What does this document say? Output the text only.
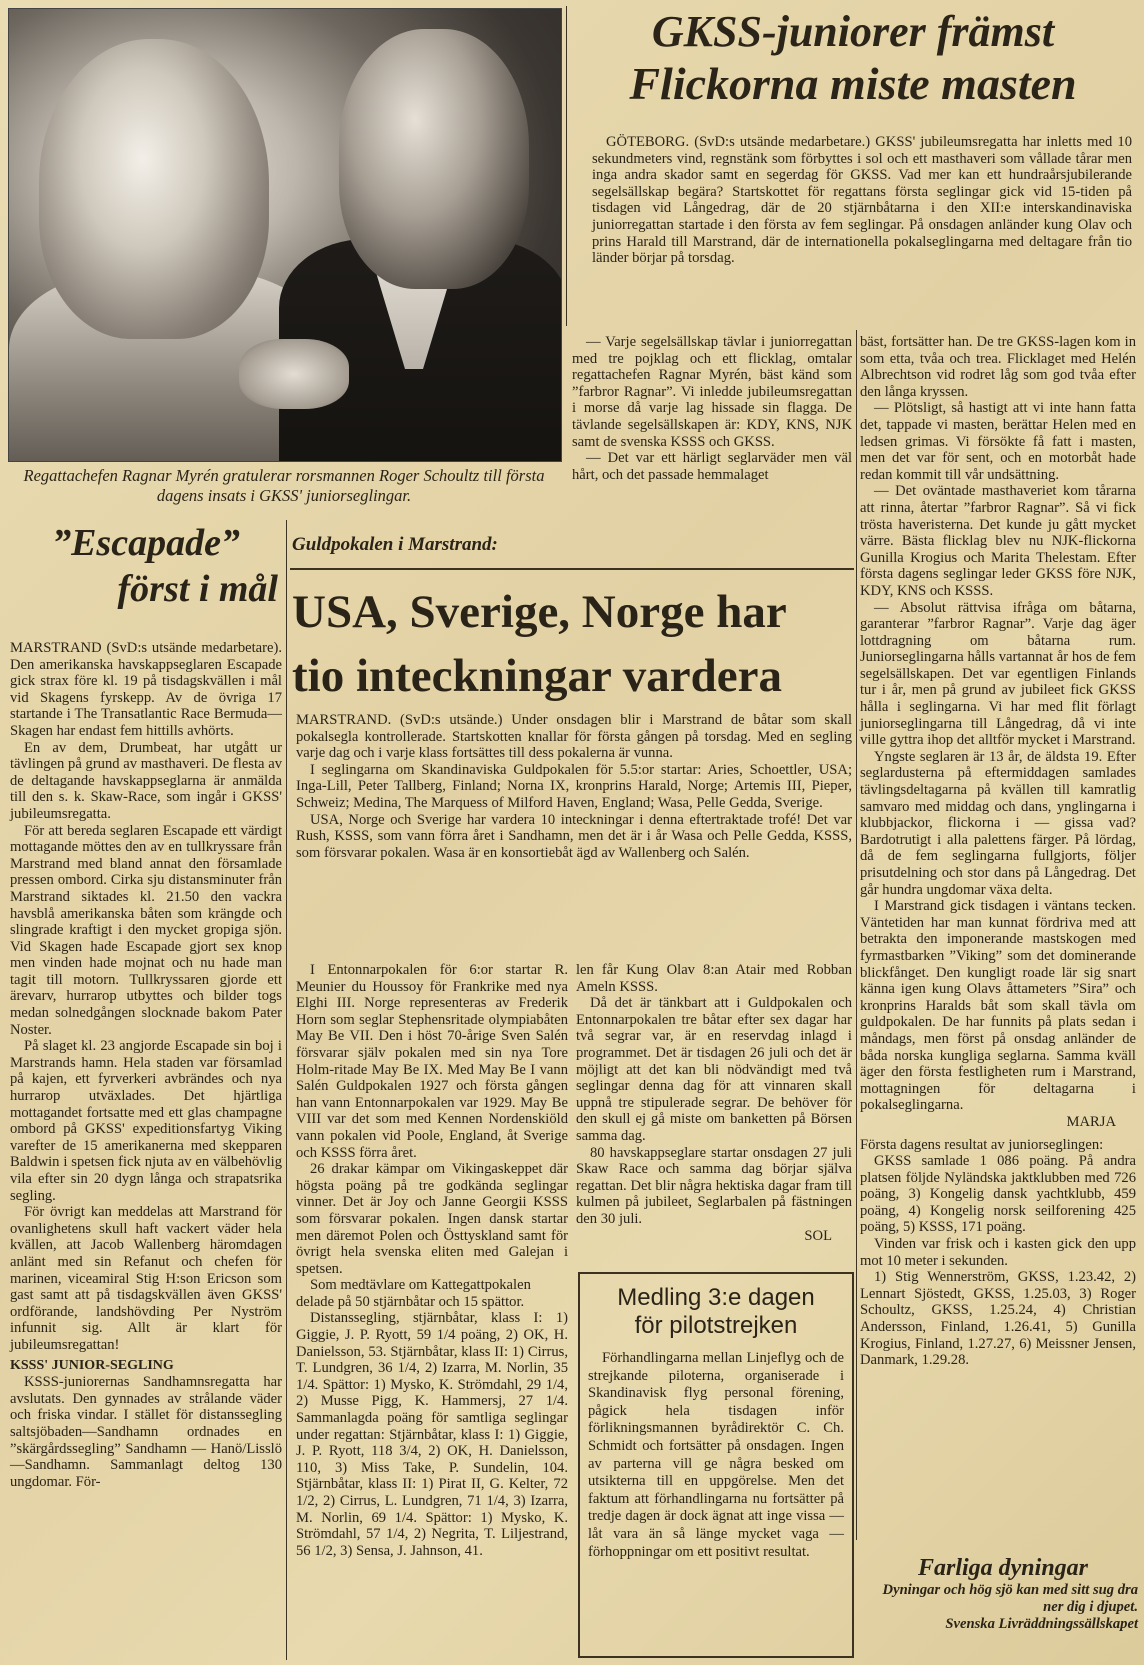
Regattachefen Ragnar Myrén gratulerar rorsmannen Roger Schoultz till första dagens insats i GKSS' juniorseglingar.
GKSS-juniorer främst
Flickorna miste masten

GÖTEBORG. (SvD:s utsände medarbetare.) GKSS' jubileumsregatta har inletts med 10 sekundmeters vind, regnstänk som förbyttes i sol och ett masthaveri som vållade tårar men inga andra skador samt en segerdag för GKSS. Vad mer kan ett hundraårsjubilerande segelsällskap begära? Startskottet för regattans första seglingar gick vid 15-tiden på tisdagen vid Långedrag, där de 20 stjärnbåtarna i den XII:e interskandinaviska juniorregattan startade i den första av fem seglingar. På onsdagen anländer kung Olav och prins Harald till Marstrand, där de internationella pokalseglingarna med deltagare från tio länder börjar på torsdag.

— Varje segelsällskap tävlar i juniorregattan med tre pojklag och ett flicklag, omtalar regattachefen Ragnar Myrén, bäst känd som ”farbror Ragnar”. Vi inledde jubileumsregattan i morse då varje lag hissade sin flagga. De tävlande segelsällskapen är: KDY, KNS, NJK samt de svenska KSSS och GKSS.

— Det var ett härligt seglarväder men väl hårt, och det passade hemmalaget

bäst, fortsätter han. De tre GKSS-lagen kom in som etta, tvåa och trea. Flicklaget med Helén Albrechtson vid rodret låg som god tvåa efter den långa kryssen.

— Plötsligt, så hastigt att vi inte hann fatta det, tappade vi masten, berättar Helen med en ledsen grimas. Vi försökte få fatt i masten, men det var för sent, och en motorbåt hade redan kommit till vår undsättning.

— Det oväntade masthaveriet kom tårarna att rinna, återtar ”farbror Ragnar”. Så vi fick trösta haveristerna. Det kunde ju gått mycket värre. Bästa flicklag blev nu NJK-flickorna Gunilla Krogius och Marita Thelestam. Efter första dagens seglingar leder GKSS före NJK, KDY, KNS och KSSS.

— Absolut rättvisa ifråga om båtarna, garanterar ”farbror Ragnar”. Varje dag äger lottdragning om båtarna rum. Juniorseglingarna hålls vartannat år hos de fem segelsällskapen. Det var egentligen Finlands tur i år, men på grund av jubileet fick GKSS hålla i seglingarna. Vi har med flit förlagt juniorseglingarna till Långedrag, då vi inte ville gyttra ihop det alltför mycket i Marstrand.

Yngste seglaren är 13 år, de äldsta 19. Efter seglardusterna på eftermiddagen samlades tävlingsdeltagarna på kvällen till kamratlig samvaro med middag och dans, ynglingarna i klubbjackor, flickorna i — gissa vad? Bardotrutigt i alla palettens färger. På lördag, då de fem seglingarna fullgjorts, följer prisutdelning och stor dans på Långedrag. Det går hundra ungdomar växa delta.

I Marstrand gick tisdagen i väntans tecken. Väntetiden har man kunnat fördriva med att betrakta den imponerande mastskogen med fyrmastbarken ”Viking” som det dominerande blickfånget. Den kungligt roade lär sig snart känna igen kung Olavs åttameters ”Sira” och kronprins Haralds båt som skall tävla om guldpokalen. De har funnits på plats sedan i måndags, men först på onsdag anländer de båda norska kungliga seglarna. Samma kväll äger den första festligheten rum i Marstrand, mottagningen för deltagarna i pokalseglingarna.

MARJA

Första dagens resultat av juniorseglingen:

GKSS samlade 1 086 poäng. På andra platsen följde Nyländska jaktklubben med 726 poäng, 3) Kongelig dansk yachtklubb, 459 poäng, 4) Kongelig norsk seilforening 425 poäng, 5) KSSS, 171 poäng.

Vinden var frisk och i kasten gick den upp mot 10 meter i sekunden.

1) Stig Wennerström, GKSS, 1.23.42, 2) Lennart Sjöstedt, GKSS, 1.25.03, 3) Roger Schoultz, GKSS, 1.25.24, 4) Christian Andersson, Finland, 1.26.41, 5) Gunilla Krogius, Finland, 1.27.27, 6) Meissner Jensen, Danmark, 1.29.28.

”Escapade”
först i mål

MARSTRAND (SvD:s utsände medarbetare). Den amerikanska havskappseglaren Escapade gick strax före kl. 19 på tisdagskvällen i mål vid Skagens fyrskepp. Av de övriga 17 startande i The Transatlantic Race Bermuda—Skagen har endast fem hittills avhörts.

En av dem, Drumbeat, har utgått ur tävlingen på grund av masthaveri. De flesta av de deltagande havskappseglarna är anmälda till den s. k. Skaw-Race, som ingår i GKSS' jubileumsregatta.

För att bereda seglaren Escapade ett värdigt mottagande möttes den av en tullkryssare från Marstrand med bland annat den församlade pressen ombord. Cirka sju distansminuter från Marstrand siktades kl. 21.50 den vackra havsblå amerikanska båten som krängde och slingrade kraftigt i den mycket gropiga sjön. Vid Skagen hade Escapade gjort sex knop men vinden hade mojnat och nu hade man tagit till motorn. Tullkryssaren gjorde ett ärevarv, hurrarop utbyttes och bilder togs medan solnedgången slocknade bakom Pater Noster.

På slaget kl. 23 angjorde Escapade sin boj i Marstrands hamn. Hela staden var församlad på kajen, ett fyrverkeri avbrändes och nya hurrarop utväxlades. Det hjärtliga mottagandet fortsatte med ett glas champagne ombord på GKSS' expeditionsfartyg Viking varefter de 15 amerikanerna med skepparen Baldwin i spetsen fick njuta av en välbehövlig vila efter sin 20 dygn långa och strapatsrika segling.

För övrigt kan meddelas att Marstrand för ovanlighetens skull haft vackert väder hela kvällen, att Jacob Wallenberg häromdagen anlänt med sin Refanut och chefen för marinen, viceamiral Stig H:son Ericson som gast samt att på tisdagskvällen även GKSS' ordförande, landshövding Per Nyström infunnit sig. Allt är klart för jubileumsregattan!

KSSS' JUNIOR-SEGLING

KSSS-juniorernas Sandhamnsregatta har avslutats. Den gynnades av strålande väder och friska vindar. I stället för distanssegling saltsjöbaden—Sandhamn ordnades en ”skärgårdssegling” Sandhamn — Hanö/Lisslö —Sandhamn. Sammanlagt deltog 130 ungdomar. För-

Guldpokalen i Marstrand:
USA, Sverige, Norge har
tio inteckningar vardera

MARSTRAND. (SvD:s utsände.) Under onsdagen blir i Marstrand de båtar som skall pokalsegla kontrollerade. Startskotten knallar för första gången på torsdag. Med en segling varje dag och i varje klass fortsättes till dess pokalerna är vunna.

I seglingarna om Skandinaviska Guldpokalen för 5.5:or startar: Aries, Schoettler, USA; Inga-Lill, Peter Tallberg, Finland; Norna IX, kronprins Harald, Norge; Artemis III, Pieper, Schweiz; Medina, The Marquess of Milford Haven, England; Wasa, Pelle Gedda, Sverige.

USA, Norge och Sverige har vardera 10 inteckningar i denna eftertraktade trofé! Det var Rush, KSSS, som vann förra året i Sandhamn, men det är i år Wasa och Pelle Gedda, KSSS, som försvarar pokalen. Wasa är en konsortiebåt ägd av Wallenberg och Salén.

I Entonnarpokalen för 6:or startar R. Meunier du Houssoy för Frankrike med nya Elghi III. Norge representeras av Frederik Horn som seglar Stephensritade olympiabåten May Be VII. Den i höst 70-årige Sven Salén försvarar själv pokalen med sin nya Tore Holm-ritade May Be IX. Med May Be I vann Salén Guldpokalen 1927 och första gången han vann Entonnarpokalen var 1929. May Be VIII var det som med Kennen Nordenskiöld vann pokalen vid Poole, England, åt Sverige och KSSS förra året.

26 drakar kämpar om Vikingaskeppet där högsta poäng på tre godkända seglingar vinner. Det är Joy och Janne Georgii KSSS som försvarar pokalen. Ingen dansk startar men däremot Polen och Östtyskland samt för övrigt hela svenska eliten med Galejan i spetsen.

Som medtävlare om Kattegattpokalen

delade på 50 stjärnbåtar och 15 spättor.

Distanssegling, stjärnbåtar, klass I: 1) Giggie, J. P. Ryott, 59 1/4 poäng, 2) OK, H. Danielsson, 53. Stjärnbåtar, klass II: 1) Cirrus, T. Lundgren, 36 1/4, 2) Izarra, M. Norlin, 35 1/4. Spättor: 1) Mysko, K. Strömdahl, 29 1/4, 2) Musse Pigg, K. Hammersj, 27 1/4. Sammanlagda poäng för samtliga seglingar under regattan: Stjärnbåtar, klass I: 1) Giggie, J. P. Ryott, 118 3/4, 2) OK, H. Danielsson, 110, 3) Miss Take, P. Sundelin, 104. Stjärnbåtar, klass II: 1) Pirat II, G. Kelter, 72 1/2, 2) Cirrus, L. Lundgren, 71 1/4, 3) Izarra, M. Norlin, 69 1/4. Spättor: 1) Mysko, K. Strömdahl, 57 1/4, 2) Negrita, T. Liljestrand, 56 1/2, 3) Sensa, J. Jahnson, 41.

len får Kung Olav 8:an Atair med Robban Ameln KSSS.

Då det är tänkbart att i Guldpokalen och Entonnarpokalen tre båtar efter sex dagar har två segrar var, är en reservdag inlagd i programmet. Det är tisdagen 26 juli och det är möjligt att det kan bli nödvändigt med två seglingar denna dag för att vinnaren skall uppnå tre stipulerade segrar. De behöver för den skull ej gå miste om banketten på Börsen samma dag.

80 havskappseglare startar onsdagen 27 juli Skaw Race och samma dag börjar själva regattan. Det blir några hektiska dagar fram till kulmen på jubileet, Seglarbalen på fästningen den 30 juli.

SOL

Medling 3:e dagen
för pilotstrejken

Förhandlingarna mellan Linjeflyg och de strejkande piloterna, organiserade i Skandinavisk flyg personal förening, pågick hela tisdagen inför förlikningsmannen byrådirektör C. Ch. Schmidt och fortsätter på onsdagen. Ingen av parterna vill ge några besked om utsikterna till en uppgörelse. Men det faktum att förhandlingarna nu fortsätter på tredje dagen är dock ägnat att inge vissa — låt vara än så länge mycket vaga — förhoppningar om ett positivt resultat.

Farliga dyningar
Dyningar och hög sjö kan med sitt sug dra ner dig i djupet.
Svenska Livräddningssällskapet
